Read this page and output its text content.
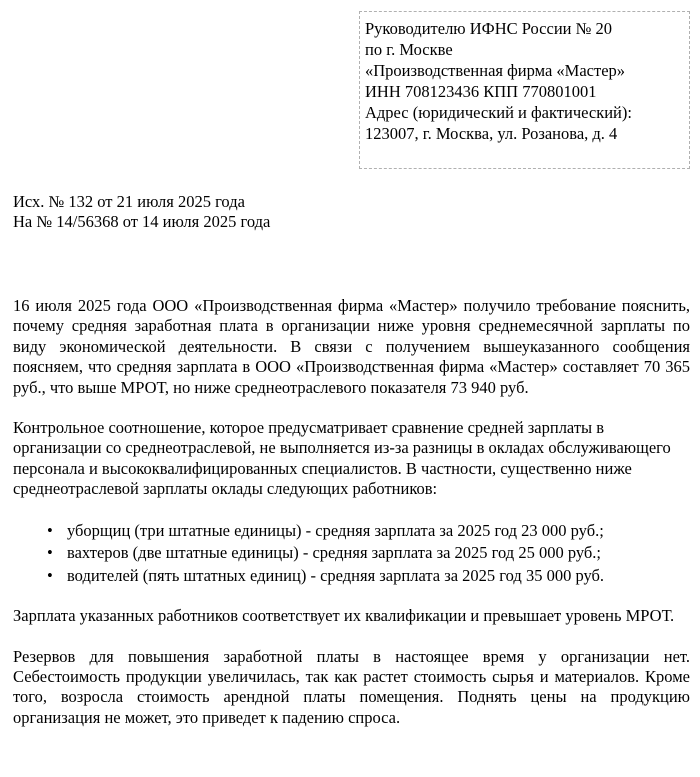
Руководителю ИФНС России № 20
по г. Москве
«Производственная фирма «Мастер»
ИНН 708123436 КПП 770801001
Адрес (юридический и фактический):
123007, г. Москва, ул. Розанова, д. 4
Исх. № 132 от 21 июля 2025 года
На № 14/56368 от 14 июля 2025 года

16 июля 2025 года ООО «Производственная фирма «Мастер» получило требование пояснить, почему средняя заработная плата в организации ниже уровня среднемесячной зарплаты по виду экономической деятельности. В связи с получением вышеуказанного сообщения поясняем, что средняя зарплата в ООО «Производственная фирма «Мастер» составляет 70 365 руб., что выше МРОТ, но ниже среднеотраслевого показателя 73 940 руб.

Контрольное соотношение, которое предусматривает сравнение средней зарплаты в организации со среднеотраслевой, не выполняется из-за разницы в окладах обслуживающего персонала и высококвалифицированных специалистов. В частности, существенно ниже среднеотраслевой зарплаты оклады следующих работников:

• уборщиц (три штатные единицы) - средняя зарплата за 2025 год 23 000 руб.;
• вахтеров (две штатные единицы) - средняя зарплата за 2025 год 25 000 руб.;
• водителей (пять штатных единиц) - средняя зарплата за 2025 год 35 000 руб.

Зарплата указанных работников соответствует их квалификации и превышает уровень МРОТ.

Резервов для повышения заработной платы в настоящее время у организации нет. Себестоимость продукции увеличилась, так как растет стоимость сырья и материалов. Кроме того, возросла стоимость арендной платы помещения. Поднять цены на продукцию организация не может, это приведет к падению спроса.
